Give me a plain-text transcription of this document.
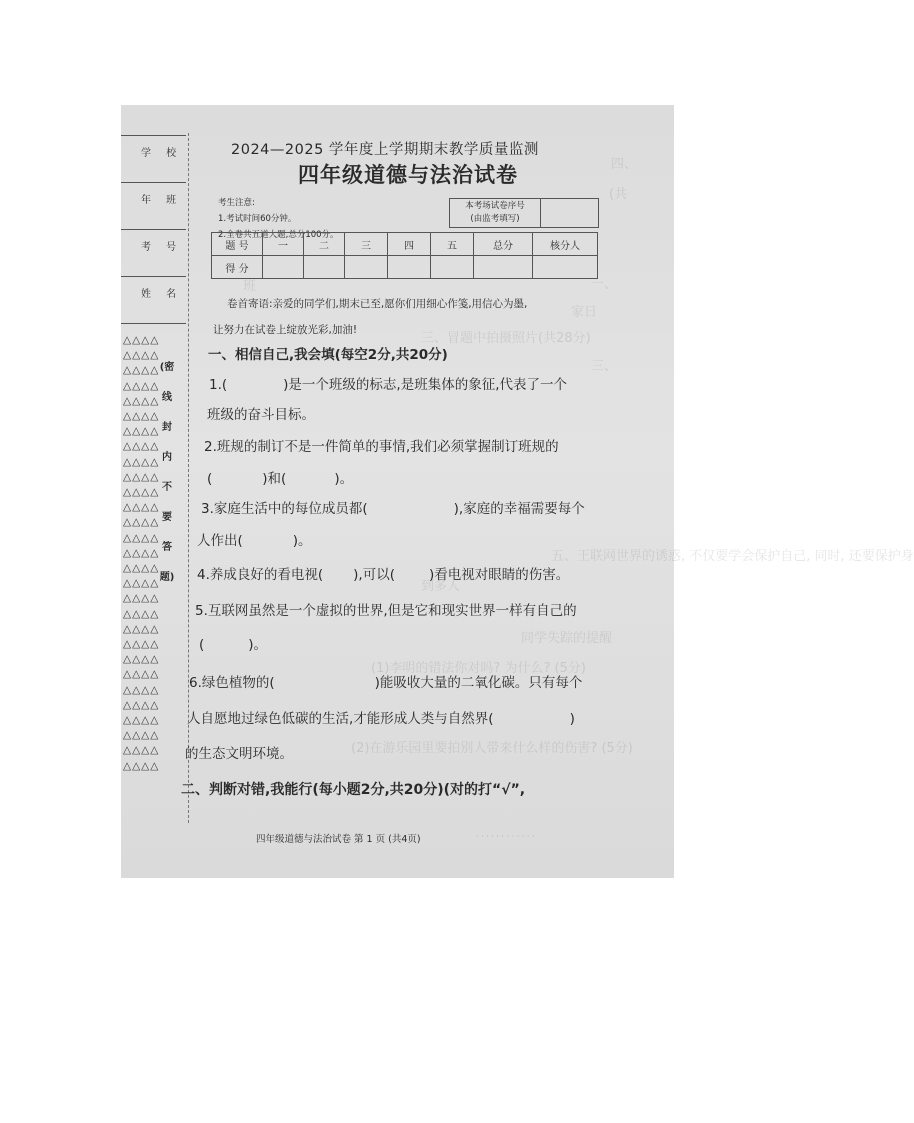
四、
(共
班	一、
家日
三、冒题中拍摄照片(共28分)
三、
五、王联网世界的诱惑, 不仅要学会保护自己, 同时, 还要保护身
到多人
同学失踪的提醒
(1)李明的错法你对吗? 为什么? (5分)
(2)在游乐园里要拍别人带来什么样的伤害? (5分)
学 校
年 班
考 号
姓 名
△△△△
△△△△
△△△△
△△△△
△△△△
△△△△
△△△△
△△△△
△△△△
△△△△
△△△△
△△△△
△△△△
△△△△
△△△△
△△△△
△△△△
△△△△
△△△△
△△△△
△△△△
△△△△
△△△△
△△△△
△△△△
△△△△
△△△△
△△△△
△△△△
(密
线
封
内
不
要
答
题)
2024—2025 学年度上学期期末教学质量监测
四年级道德与法治试卷
考生注意:
1.考试时间60分钟。
2.全卷共五道大题,总分100分。
本考场试卷序号
(由监考填写)
题 号	一	二	三	四	五	总分	核分人
得 分							
卷首寄语:亲爱的同学们,期末已至,愿你们用细心作笺,用信心为墨,
让努力在试卷上绽放光彩,加油!
一、相信自己,我会填(每空2分,共20分)
1.(	)是一个班级的标志,是班集体的象征,代表了一个
班级的奋斗目标。
2.班规的制订不是一件简单的事情,我们必须掌握制订班规的
(	)和(	)。
3.家庭生活中的每位成员都(	),家庭的幸福需要每个
人作出(	)。
4.养成良好的看电视( ),可以(	)看电视对眼睛的伤害。
5.互联网虽然是一个虚拟的世界,但是它和现实世界一样有自己的
(	)。
6.绿色植物的(	)能吸收大量的二氧化碳。只有每个
人自愿地过绿色低碳的生活,才能形成人类与自然界(	)
的生态文明环境。
二、判断对错,我能行(每小题2分,共20分)(对的打“√”,
四年级道德与法治试卷 第 1 页 (共4页)	· · · · · · · · · · · ·
